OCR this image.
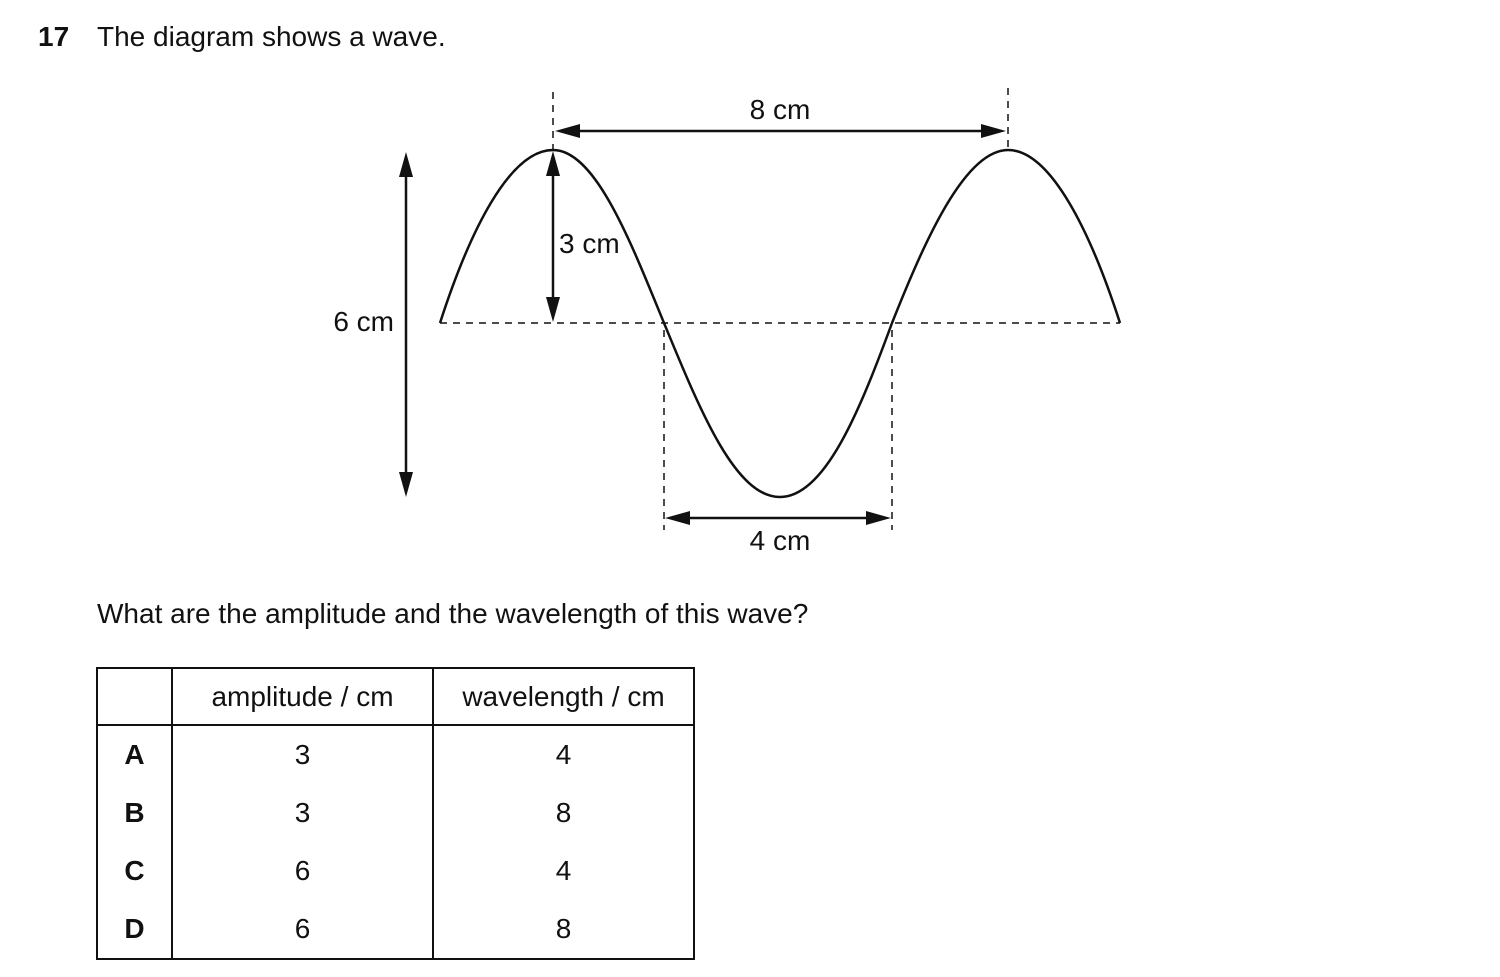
17 The diagram shows a wave.
8 cm
3 cm
6 cm
4 cm
What are the amplitude and the wavelength of this wave?
	amplitude / cm	wavelength / cm
A	3	4
B	3	8
C	6	4
D	6	8
